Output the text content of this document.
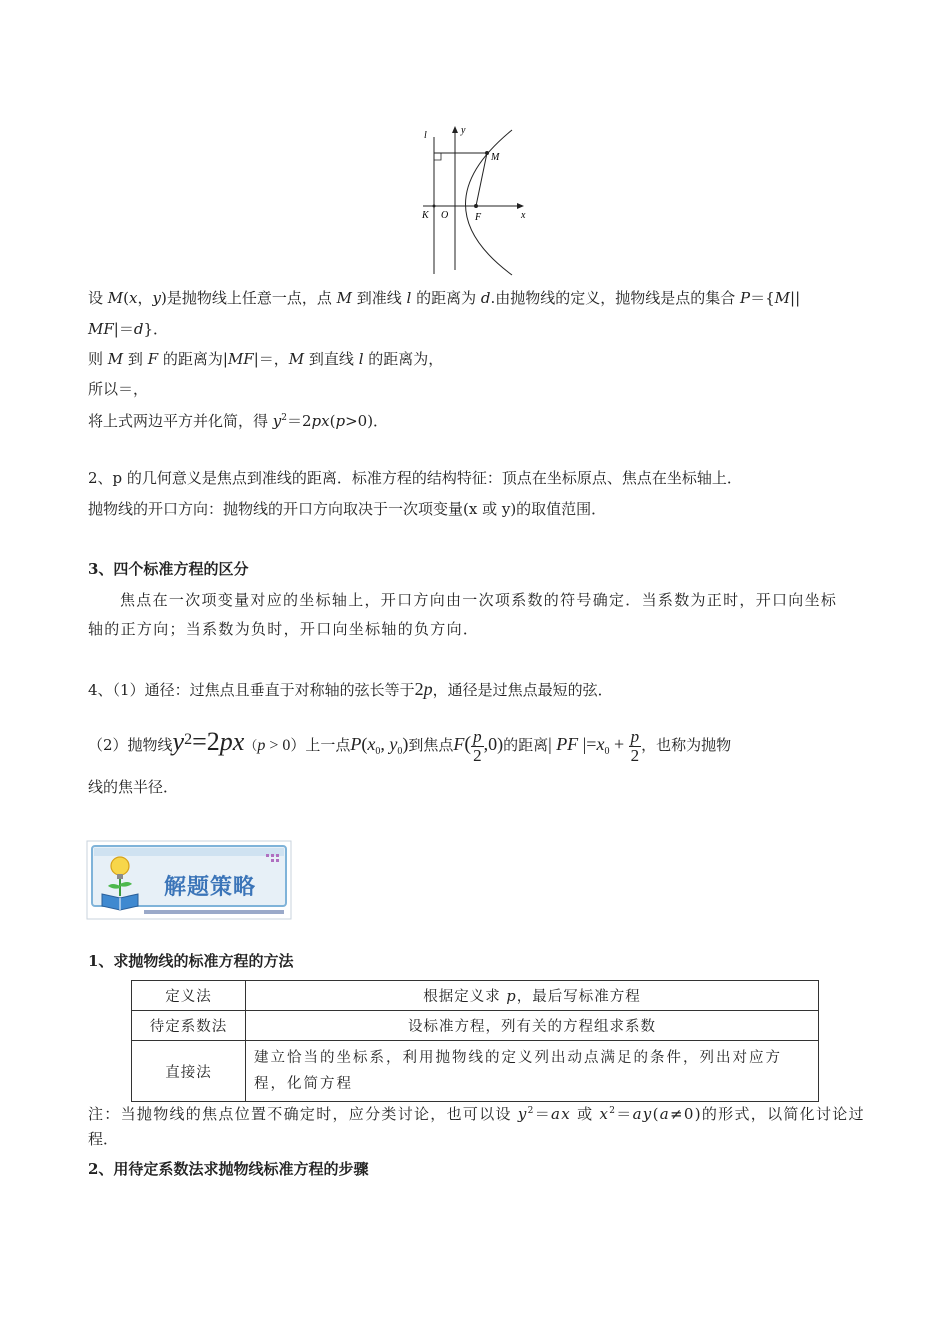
l	y
x
M
K O	F
设 M(x，y)是抛物线上任意一点，点 M 到准线 l 的距离为 d.由抛物线的定义，抛物线是点的集合 P＝{M||
MF|＝d}．
则 M 到 F 的距离为|MF|＝，M 到直线 l 的距离为，
所以＝，
将上式两边平方并化简，得 $y^2=2px(p>0)$．
2、p 的几何意义是焦点到准线的距离．标准方程的结构特征：顶点在坐标原点、焦点在坐标轴上．
抛物线的开口方向：抛物线的开口方向取决于一次项变量(x 或 y)的取值范围．
3、四个标准方程的区分
焦点在一次项变量对应的坐标轴上，开口方向由一次项系数的符号确定．当系数为正时，开口向坐标
轴的正方向；当系数为负时，开口向坐标轴的负方向．
4、（1）通径：过焦点且垂直于对称轴的弦长等于2p，通径是过焦点最短的弦．
（2）抛物线$y^2=2px(p > 0)$上一点$P(x_0$, $y_0$)到焦点$F( \frac{p}{2} ,0)$的距离| PF $|=x_0 + \frac{p}{2}$ ，也称为抛物
线的焦半径．
解题策略
1、求抛物线的标准方程的方法
定义法	根据定义求 p，最后写标准方程
待定系数法	设标准方程，列有关的方程组求系数
直接法	建立恰当的坐标系，利用抛物线的定义列出动点满足的条件，列出对应方
程，化简方程
注：当抛物线的焦点位置不确定时，应分类讨论，也可以设 $y^2=ax$ 或 $x^2=ay(a\ne 0)$的形式，以简化讨论过
程．
2、用待定系数法求抛物线标准方程的步骤
